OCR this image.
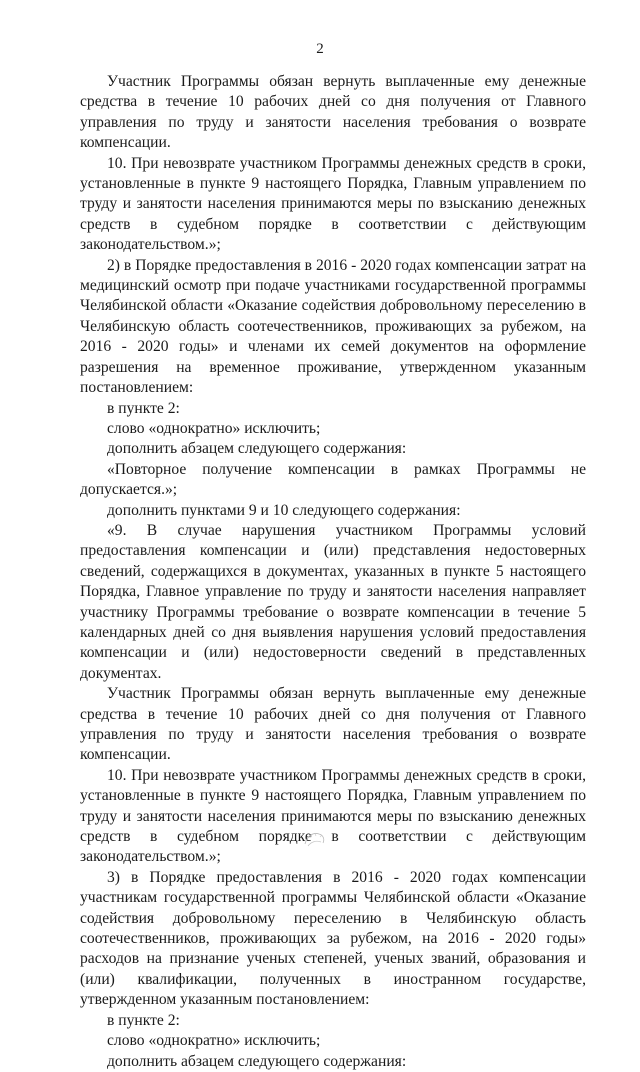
2

Участник Программы обязан вернуть выплаченные ему денежные средства в течение 10 рабочих дней со дня получения от Главного управления по труду и занятости населения требования о возврате компенсации.

10. При невозврате участником Программы денежных средств в сроки, установленные в пункте 9 настоящего Порядка, Главным управлением по труду и занятости населения принимаются меры по взысканию денежных средств в судебном порядке в соответствии с действующим законодательством.»;

2) в Порядке предоставления в 2016 - 2020 годах компенсации затрат на медицинский осмотр при подаче участниками государственной программы Челябинской области «Оказание содействия добровольному переселению в Челябинскую область соотечественников, проживающих за рубежом, на 2016 - 2020 годы» и членами их семей документов на оформление разрешения на временное проживание, утвержденном указанным постановлением:

в пункте 2:

слово «однократно» исключить;

дополнить абзацем следующего содержания:

«Повторное получение компенсации в рамках Программы не допускается.»;

дополнить пунктами 9 и 10 следующего содержания:

«9. В случае нарушения участником Программы условий предоставления компенсации и (или) представления недостоверных сведений, содержащихся в документах, указанных в пункте 5 настоящего Порядка, Главное управление по труду и занятости населения направляет участнику Программы требование о возврате компенсации в течение 5 календарных дней со дня выявления нарушения условий предоставления компенсации и (или) недостоверности сведений в представленных документах.

Участник Программы обязан вернуть выплаченные ему денежные средства в течение 10 рабочих дней со дня получения от Главного управления по труду и занятости населения требования о возврате компенсации.

10. При невозврате участником Программы денежных средств в сроки, установленные в пункте 9 настоящего Порядка, Главным управлением по труду и занятости населения принимаются меры по взысканию денежных средств в судебном порядке в соответствии с действующим законодательством.»;

3) в Порядке предоставления в 2016 - 2020 годах компенсации участникам государственной программы Челябинской области «Оказание содействия добровольному переселению в Челябинскую область соотечественников, проживающих за рубежом, на 2016 - 2020 годы» расходов на признание ученых степеней, ученых званий, образования и (или) квалификации, полученных в иностранном государстве, утвержденном указанным постановлением:

в пункте 2:

слово «однократно» исключить;

дополнить абзацем следующего содержания:
